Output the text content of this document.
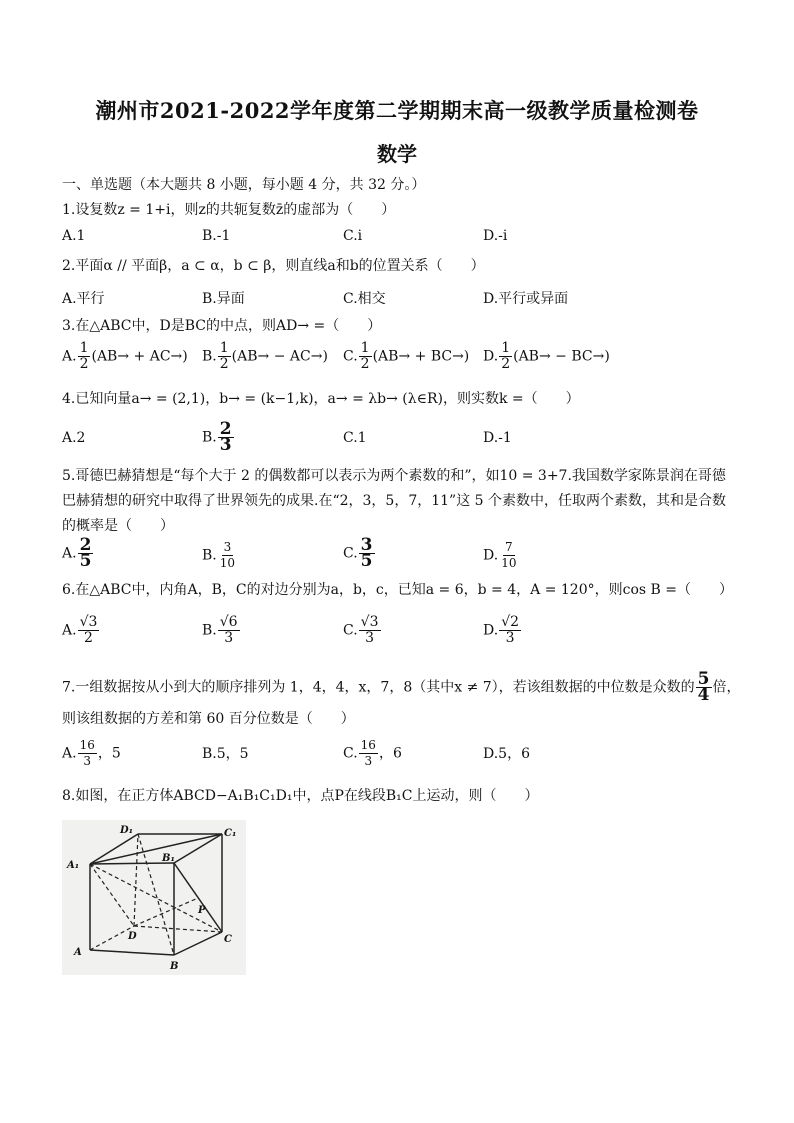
潮州市2021-2022学年度第二学期期末高一级教学质量检测卷
数学
一、单选题（本大题共 8 小题，每小题 4 分，共 32 分。）
1.设复数z = 1+i，则z的共轭复数z̄的虚部为（　　）
A.1	B.-1	C.i	D.-i
2.平面α // 平面β，a ⊂ α，b ⊂ β，则直线a和b的位置关系（　　）
A.平行	B.异面	C.相交	D.平行或异面
3.在△ABC中，D是BC的中点，则AD→ =（　　）
A. $\frac{1}{2} (AB\to + AC\to)$ B. $\frac{1}{2} (AB\to - AC\to)$ C. $\frac{1}{2} (AB\to + BC\to)$ D. $\frac{1}{2} (AB\to - BC\to)$
4.已知向量a→ = (2,1)，b→ = (k−1,k)，a→ = λb→ (λ∈R)，则实数k =（　　）
A.2	B. $\frac{2}{3}$	C.1	D.-1
5.哥德巴赫猜想是“每个大于 2 的偶数都可以表示为两个素数的和”，如10 = 3+7.我国数学家陈景润在哥德
巴赫猜想的研究中取得了世界领先的成果.在“2，3，5，7，11”这 5 个素数中，任取两个素数，其和是合数
的概率是（　　）
A. $\frac{2}{5}$	B. $\frac{3}{10}$	C. $\frac{3}{5}$	D. $\frac{7}{10}$
6.在△ABC中，内角A，B，C的对边分别为a，b，c，已知a = 6，b = 4，A = 120°，则cos B =（　　）
A. $\frac{√3}{2}$	B. $\frac{√6}{3}$	C. $\frac{√3}{3}$	D. $\frac{√2}{3}$
7.一组数据按从小到大的顺序排列为 1，4，4，x，7，8（其中x ≠ 7），若该组数据的中位数是众数的 $\frac{5}{4}$ 倍，
则该组数据的方差和第 60 百分位数是（　　）
A. $\frac{16}{3}$ ，5	B.5，5	C. $\frac{16}{3}$ ，6	D.5，6
8.如图，在正方体ABCD−A₁B₁C₁D₁中，点P在线段B₁C上运动，则（　　）
A₁
D₁	C₁
B₁
A
D	C
B
P
